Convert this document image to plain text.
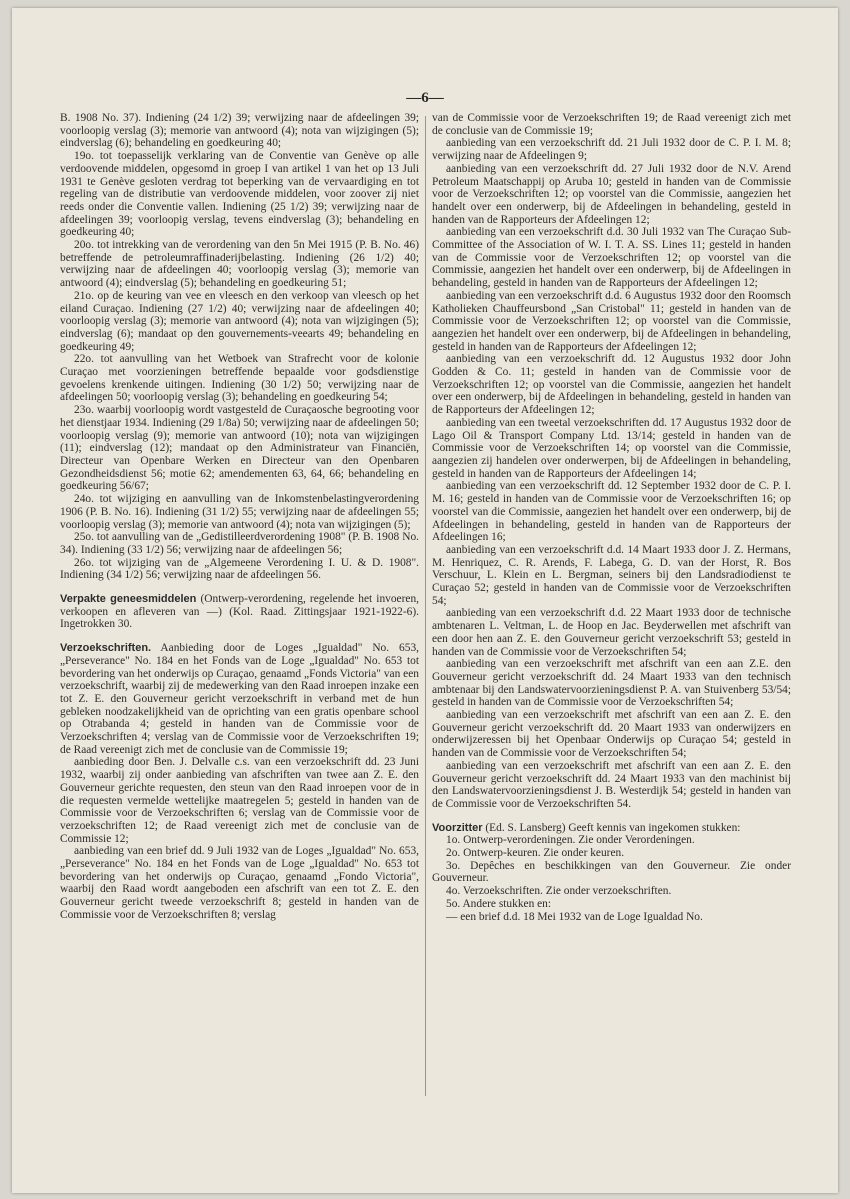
—6—

B. 1908 No. 37). Indiening (24 1/2) 39; verwijzing naar de afdeelingen 39; voorloopig verslag (3); memorie van antwoord (4); nota van wijzigingen (5); eindverslag (6); behandeling en goedkeuring 40;

19o. tot toepasselijk verklaring van de Conventie van Genève op alle verdoovende middelen, opgesomd in groep I van artikel 1 van het op 13 Juli 1931 te Genève gesloten verdrag tot beperking van de vervaardiging en tot regeling van de distributie van verdoovende middelen, voor zoover zij niet reeds onder die Conventie vallen. Indiening (25 1/2) 39; verwijzing naar de afdeelingen 39; voorloopig verslag, tevens eindverslag (3); behandeling en goedkeuring 40;

20o. tot intrekking van de verordening van den 5n Mei 1915 (P. B. No. 46) betreffende de petroleumraffinaderijbelasting. Indiening (26 1/2) 40; verwijzing naar de afdeelingen 40; voorloopig verslag (3); memorie van antwoord (4); eindverslag (5); behandeling en goedkeuring 51;

21o. op de keuring van vee en vleesch en den verkoop van vleesch op het eiland Curaçao. Indiening (27 1/2) 40; verwijzing naar de afdeelingen 40; voorloopig verslag (3); memorie van antwoord (4); nota van wijzigingen (5); eindverslag (6); mandaat op den gouvernements-veearts 49; behandeling en goedkeuring 49;

22o. tot aanvulling van het Wetboek van Strafrecht voor de kolonie Curaçao met voorzieningen betreffende bepaalde voor godsdienstige gevoelens krenkende uitingen. Indiening (30 1/2) 50; verwijzing naar de afdeelingen 50; voorloopig verslag (3); behandeling en goedkeuring 54;

23o. waarbij voorloopig wordt vastgesteld de Curaçaosche begrooting voor het dienstjaar 1934. Indiening (29 1/8a) 50; verwijzing naar de afdeelingen 50; voorloopig verslag (9); memorie van antwoord (10); nota van wijzigingen (11); eindverslag (12); mandaat op den Administrateur van Financiën, Directeur van Openbare Werken en Directeur van den Openbaren Gezondheidsdienst 56; motie 62; amendementen 63, 64, 66; behandeling en goedkeuring 56/67;

24o. tot wijziging en aanvulling van de Inkomstenbelastingverordening 1906 (P. B. No. 16). Indiening (31 1/2) 55; verwijzing naar de afdeelingen 55; voorloopig verslag (3); memorie van antwoord (4); nota van wijzigingen (5);

25o. tot aanvulling van de „Gedistilleerdverordening 1908" (P. B. 1908 No. 34). Indiening (33 1/2) 56; verwijzing naar de afdeelingen 56;

26o. tot wijziging van de „Algemeene Verordening I. U. & D. 1908". Indiening (34 1/2) 56; verwijzing naar de afdeelingen 56.

Verpakte geneesmiddelen (Ontwerp-verordening, regelende het invoeren, verkoopen en afleveren van —) (Kol. Raad. Zittingsjaar 1921-1922-6). Ingetrokken 30.

Verzoekschriften. Aanbieding door de Loges „Igualdad" No. 653, „Perseverance" No. 184 en het Fonds van de Loge „Igualdad" No. 653 tot bevordering van het onderwijs op Curaçao, genaamd „Fonds Victoria" van een verzoekschrift, waarbij zij de medewerking van den Raad inroepen inzake een tot Z. E. den Gouverneur gericht verzoekschrift in verband met de hun gebleken noodzakelijkheid van de oprichting van een gratis openbare school op Otrabanda 4; gesteld in handen van de Commissie voor de Verzoekschriften 4; verslag van de Commissie voor de Verzoekschriften 19; de Raad vereenigt zich met de conclusie van de Commissie 19;

aanbieding door Ben. J. Delvalle c.s. van een verzoekschrift dd. 23 Juni 1932, waarbij zij onder aanbieding van afschriften van twee aan Z. E. den Gouverneur gerichte requesten, den steun van den Raad inroepen voor de in die requesten vermelde wettelijke maatregelen 5; gesteld in handen van de Commissie voor de Verzoekschriften 6; verslag van de Commissie voor de verzoekschriften 12; de Raad vereenigt zich met de conclusie van de Commissie 12;

aanbieding van een brief dd. 9 Juli 1932 van de Loges „Igualdad" No. 653, „Perseverance" No. 184 en het Fonds van de Loge „Igualdad" No. 653 tot bevordering van het onderwijs op Curaçao, genaamd „Fondo Victoria", waarbij den Raad wordt aangeboden een afschrift van een tot Z. E. den Gouverneur gericht tweede verzoekschrift 8; gesteld in handen van de Commissie voor de Verzoekschriften 8; verslag

van de Commissie voor de Verzoekschriften 19; de Raad vereenigt zich met de conclusie van de Commissie 19;

aanbieding van een verzoekschrift dd. 21 Juli 1932 door de C. P. I. M. 8; verwijzing naar de Afdeelingen 9;

aanbieding van een verzoekschrift dd. 27 Juli 1932 door de N.V. Arend Petroleum Maatschappij op Aruba 10; gesteld in handen van de Commissie voor de Verzoekschriften 12; op voorstel van die Commissie, aangezien het handelt over een onderwerp, bij de Afdeelingen in behandeling, gesteld in handen van de Rapporteurs der Afdeelingen 12;

aanbieding van een verzoekschrift d.d. 30 Juli 1932 van The Curaçao Sub-Committee of the Association of W. I. T. A. SS. Lines 11; gesteld in handen van de Commissie voor de Verzoekschriften 12; op voorstel van die Commissie, aangezien het handelt over een onderwerp, bij de Afdeelingen in behandeling, gesteld in handen van de Rapporteurs der Afdeelingen 12;

aanbieding van een verzoekschrift d.d. 6 Augustus 1932 door den Roomsch Katholieken Chauffeursbond „San Cristobal" 11; gesteld in handen van de Commissie voor de Verzoekschriften 12; op voorstel van die Commissie, aangezien het handelt over een onderwerp, bij de Afdeelingen in behandeling, gesteld in handen van de Rapporteurs der Afdeelingen 12;

aanbieding van een verzoekschrift dd. 12 Augustus 1932 door John Godden & Co. 11; gesteld in handen van de Commissie voor de Verzoekschriften 12; op voorstel van die Commissie, aangezien het handelt over een onderwerp, bij de Afdeelingen in behandeling, gesteld in handen van de Rapporteurs der Afdeelingen 12;

aanbieding van een tweetal verzoekschriften dd. 17 Augustus 1932 door de Lago Oil & Transport Company Ltd. 13/14; gesteld in handen van de Commissie voor de Verzoekschriften 14; op voorstel van die Commissie, aangezien zij handelen over onderwerpen, bij de Afdeelingen in behandeling, gesteld in handen van de Rapporteurs der Afdeelingen 14;

aanbieding van een verzoekschrift dd. 12 September 1932 door de C. P. I. M. 16; gesteld in handen van de Commissie voor de Verzoekschriften 16; op voorstel van die Commissie, aangezien het handelt over een onderwerp, bij de Afdeelingen in behandeling, gesteld in handen van de Rapporteurs der Afdeelingen 16;

aanbieding van een verzoekschrift d.d. 14 Maart 1933 door J. Z. Hermans, M. Henriquez, C. R. Arends, F. Labega, G. D. van der Horst, R. Bos Verschuur, L. Klein en L. Bergman, seiners bij den Landsradiodienst te Curaçao 52; gesteld in handen van de Commissie voor de Verzoekschriften 54;

aanbieding van een verzoekschrift d.d. 22 Maart 1933 door de technische ambtenaren L. Veltman, L. de Hoop en Jac. Beyderwellen met afschrift van een door hen aan Z. E. den Gouverneur gericht verzoekschrift 53; gesteld in handen van de Commissie voor de Verzoekschriften 54;

aanbieding van een verzoekschrift met afschrift van een aan Z.E. den Gouverneur gericht verzoekschrift dd. 24 Maart 1933 van den technisch ambtenaar bij den Landswatervoorzieningsdienst P. A. van Stuivenberg 53/54; gesteld in handen van de Commissie voor de Verzoekschriften 54;

aanbieding van een verzoekschrift met afschrift van een aan Z. E. den Gouverneur gericht verzoekschrift dd. 20 Maart 1933 van onderwijzers en onderwijzeressen bij het Openbaar Onderwijs op Curaçao 54; gesteld in handen van de Commissie voor de Verzoekschriften 54;

aanbieding van een verzoekschrift met afschrift van een aan Z. E. den Gouverneur gericht verzoekschrift dd. 24 Maart 1933 van den machinist bij den Landswatervoorzieningsdienst J. B. Westerdijk 54; gesteld in handen van de Commissie voor de Verzoekschriften 54.

Voorzitter (Ed. S. Lansberg) Geeft kennis van ingekomen stukken:

1o. Ontwerp-verordeningen. Zie onder Verordeningen.

2o. Ontwerp-keuren. Zie onder keuren.

3o. Depêches en beschikkingen van den Gouverneur. Zie onder Gouverneur.

4o. Verzoekschriften. Zie onder verzoekschriften.

5o. Andere stukken en:

— een brief d.d. 18 Mei 1932 van de Loge Igualdad No.
